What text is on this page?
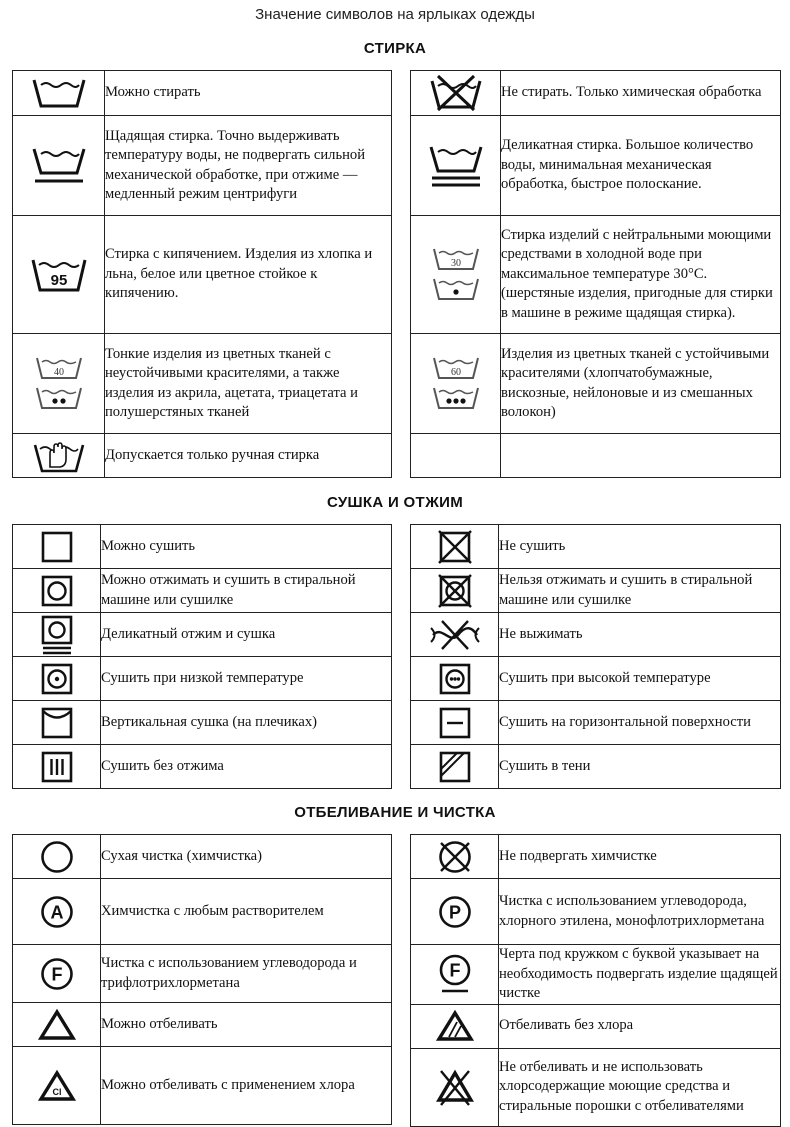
Значение символов на ярлыках одежды
СТИРКА
	Можно стирать
	Щадящая стирка. Точно выдерживать температуру воды, не подвергать сильной механической обработке, при отжиме — медленный режим центрифуги

95	Стирка с кипячением. Изделия из хлопка и льна, белое или цветное стойкое к кипячению.

40	Тонкие изделия из цветных тканей с неустойчивыми красителями, а также изделия из акрила, ацетата, триацетата и полушерстяных тканей
	Допускается только ручная стирка
	Не стирать. Только химическая обработка
	Деликатная стирка. Большое количество воды, минимальная механическая обработка, быстрое полоскание.

30	Стирка изделий с нейтральными моющими средствами в холодной воде при максимальное температуре 30°С. (шерстяные изделия, пригодные для стирки в машине в режиме щадящая стирка).

60	Изделия из цветных тканей с устойчивыми красителями (хлопчатобумажные, вискозные, нейлоновые и из смешанных волокон)

СУШКА И ОТЖИМ
	Можно сушить
	Можно отжимать и сушить в стиральной машине или сушилке
	Деликатный отжим и сушка
	Сушить при низкой температуре
	Вертикальная сушка (на плечиках)
	Сушить без отжима
	Не сушить
	Нельзя отжимать и сушить в стиральной машине или сушилке
	Не выжимать
	Сушить при высокой температуре
	Сушить на горизонтальной поверхности
	Сушить в тени
ОТБЕЛИВАНИЕ И ЧИСТКА
	Сухая чистка (химчистка)

A	Химчистка с любым растворителем

F	Чистка с использованием углеводорода и трифлотрихлорметана
	Можно отбеливать

Cl	Можно отбеливать с применением хлора
	Не подвергать химчистке

P	Чистка с использованием углеводорода, хлорного этилена, монофлотрихлорметана

F	Черта под кружком с буквой указывает на необходимость подвергать изделие щадящей чистке
	Отбеливать без хлора
	Не отбеливать и не использовать хлорсодержащие моющие средства и стиральные порошки с отбеливателями
